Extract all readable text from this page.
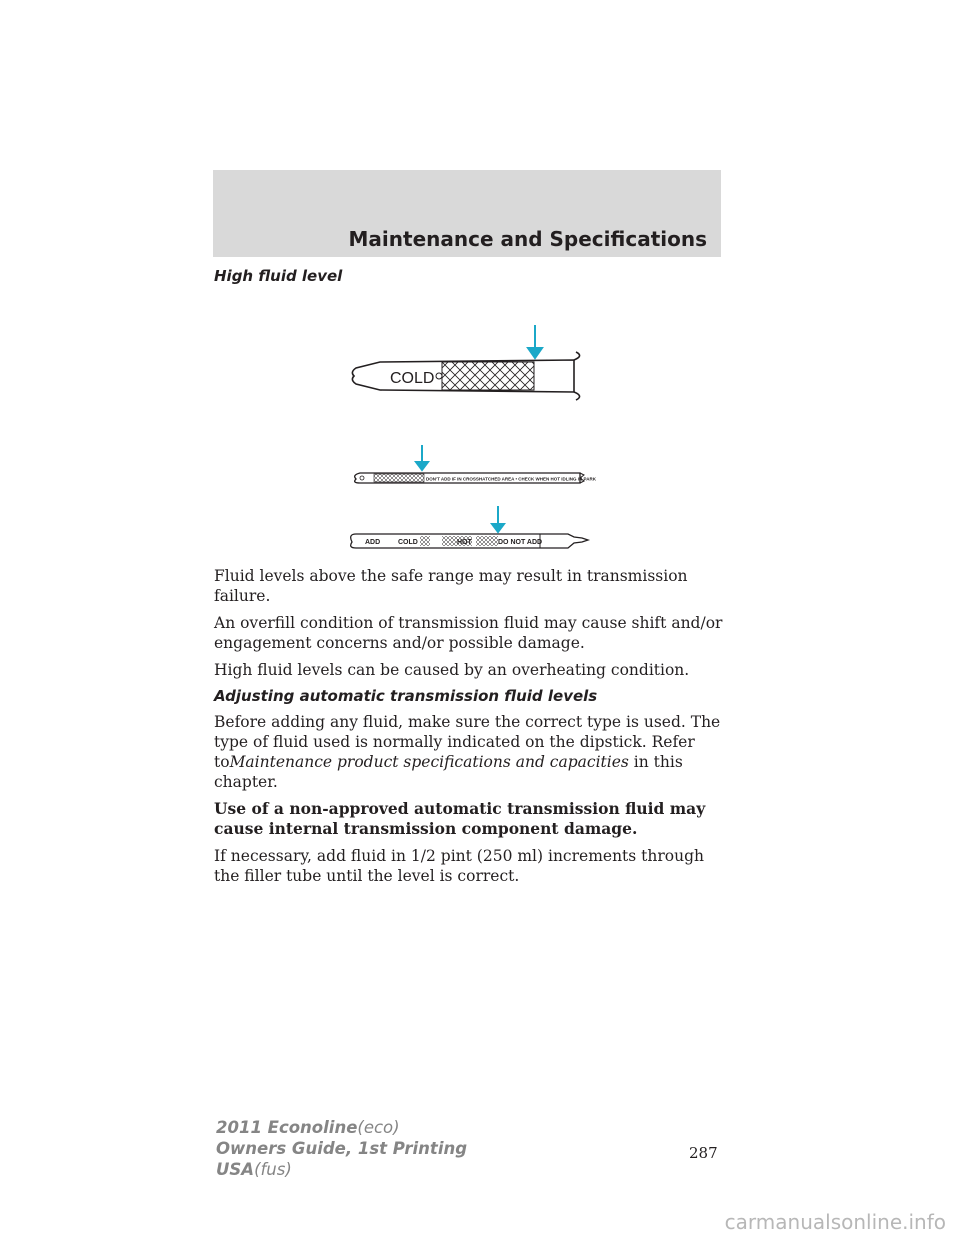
Maintenance and Specifications
COLD
DON'T ADD IF IN CROSSHATCHED AREA • CHECK WHEN HOT IDLING IN PARK
ADD	COLD	HOT	DO NOT ADD

High fluid level

Fluid levels above the safe range may result in transmission failure.

An overfill condition of transmission fluid may cause shift and/or engagement concerns and/or possible damage.

High fluid levels can be caused by an overheating condition.

Adjusting automatic transmission fluid levels

Before adding any fluid, make sure the correct type is used. The type of fluid used is normally indicated on the dipstick. Refer toMaintenance product specifications and capacities in this chapter.

Use of a non-approved automatic transmission fluid may cause internal transmission component damage.

If necessary, add fluid in 1/2 pint (250 ml) increments through the filler tube until the level is correct.

287
2011 Econoline(eco)
Owners Guide, 1st Printing
USA(fus)
carmanualsonline.info
